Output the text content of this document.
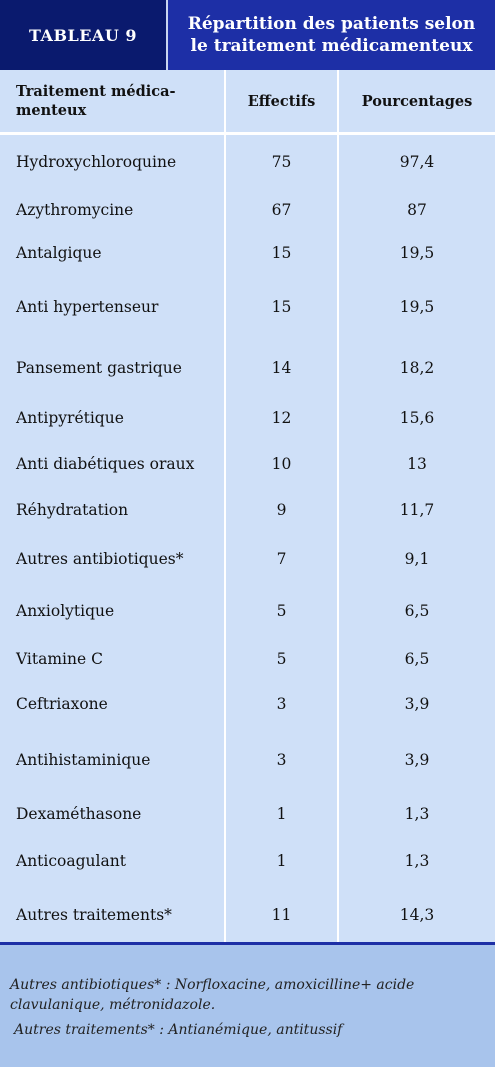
TABLEAU 9
Répartition des patients selon
le traitement médicamenteux
Traitement médica-
menteux
Effectifs	Pourcentages
Hydroxychloroquine	75	97,4
Azythromycine	67	87
Antalgique	15	19,5
Anti hypertenseur	15	19,5
Pansement gastrique	14	18,2
Antipyrétique	12	15,6
Anti diabétiques oraux	10	13
Réhydratation	9	11,7
Autres antibiotiques*	7	9,1
Anxiolytique	5	6,5
Vitamine C	5	6,5
Ceftriaxone	3	3,9
Antihistaminique	3	3,9
Dexaméthasone	1	1,3
Anticoagulant	1	1,3
Autres traitements*	11	14,3

Autres antibiotiques* : Norfloxacine, amoxicilline+ acide clavulanique, métronidazole.

Autres traitements* : Antianémique, antitussif
